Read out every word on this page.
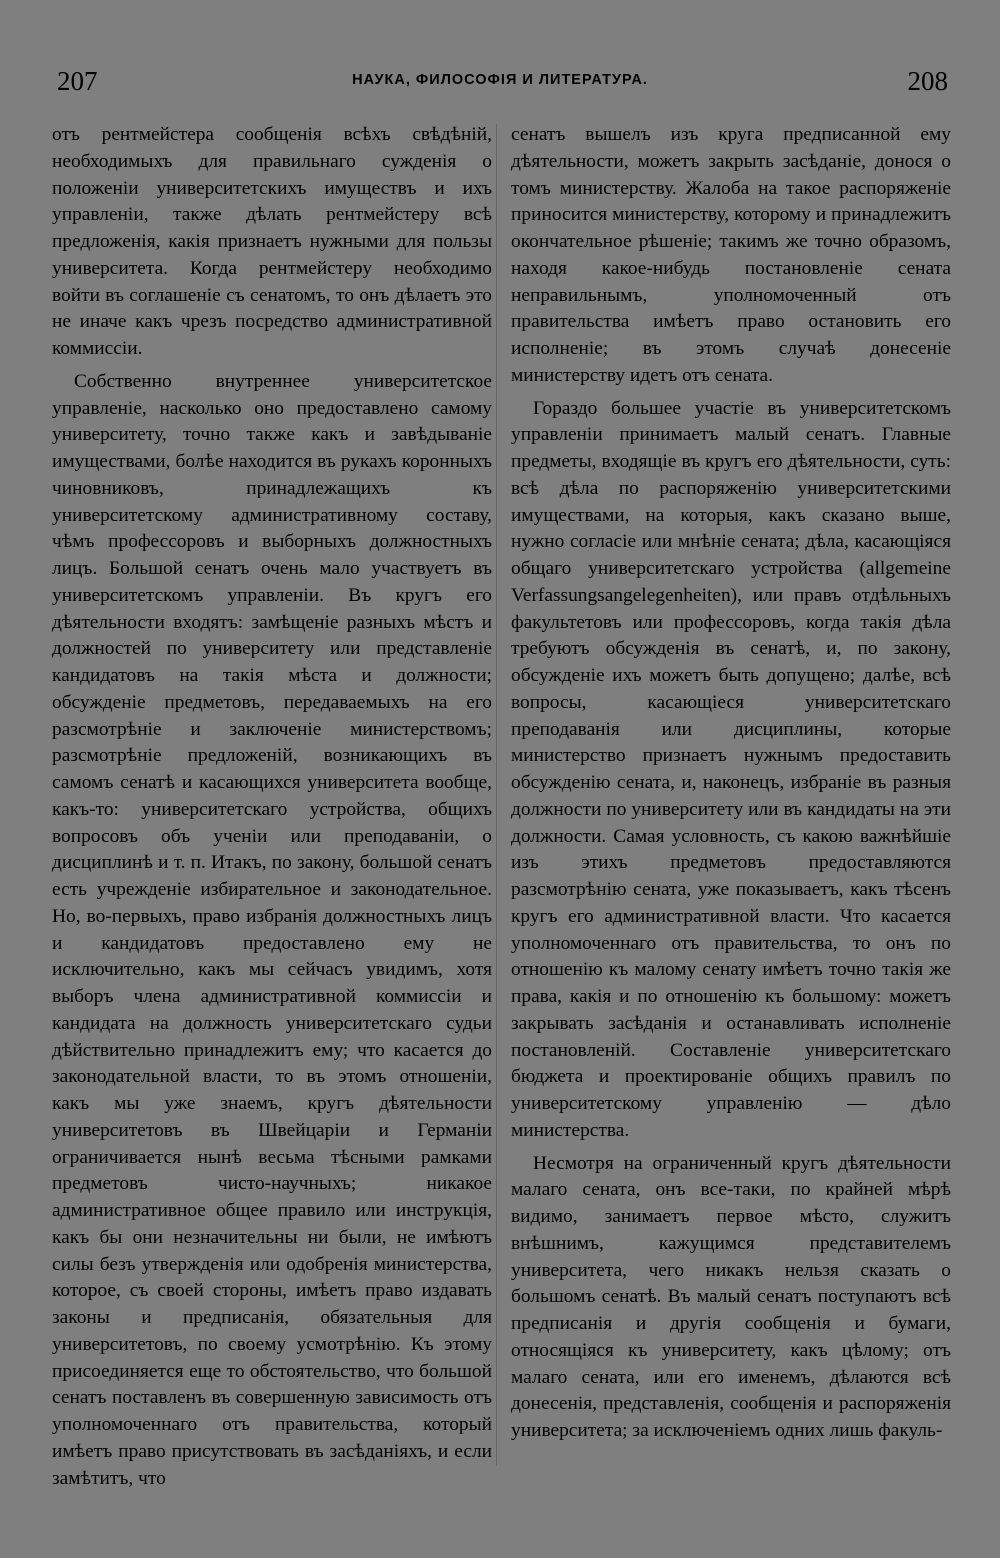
207	НАУКА, ФИЛОСОФІЯ И ЛИТЕРАТУРА.	208

отъ рентмейстера сообщенія всѣхъ свѣдѣній, необходимыхъ для правильнаго сужденія о положеніи университетскихъ имуществъ и ихъ управленіи, также дѣлать рентмейстеру всѣ предложенія, какія признаетъ нужными для пользы университета. Когда рентмейстеру необходимо войти въ соглашеніе съ сенатомъ, то онъ дѣлаетъ это не иначе какъ чрезъ посредство административной коммиссіи.

Собственно внутреннее университетское управленіе, насколько оно предоставлено самому университету, точно также какъ и завѣдываніе имуществами, болѣе находится въ рукахъ коронныхъ чиновниковъ, принадлежащихъ къ университетскому административному составу, чѣмъ профессоровъ и выборныхъ должностныхъ лицъ. Большой сенатъ очень мало участвуетъ въ университетскомъ управленіи. Въ кругъ его дѣятельности входятъ: замѣщеніе разныхъ мѣстъ и должностей по университету или представленіе кандидатовъ на такія мѣста и должности; обсужденіе предметовъ, передаваемыхъ на его разсмотрѣніе и заключеніе министерствомъ; разсмотрѣніе предложеній, возникающихъ въ самомъ сенатѣ и касающихся университета вообще, какъ-то: университетскаго устройства, общихъ вопросовъ объ ученіи или преподаваніи, о дисциплинѣ и т. п. Итакъ, по закону, большой сенатъ есть учрежденіе избирательное и законодательное. Но, во-первыхъ, право избранія должностныхъ лицъ и кандидатовъ предоставлено ему не исключительно, какъ мы сейчасъ увидимъ, хотя выборъ члена административной коммиссіи и кандидата на должность университетскаго судьи дѣйствительно принадлежитъ ему; что касается до законодательной власти, то въ этомъ отношеніи, какъ мы уже знаемъ, кругъ дѣятельности университетовъ въ Швейцаріи и Германіи ограничивается нынѣ весьма тѣсными рамками предметовъ чисто-научныхъ; никакое административное общее правило или инструкція, какъ бы они незначительны ни были, не имѣютъ силы безъ утвержденія или одобренія министерства, которое, съ своей стороны, имѣетъ право издавать законы и предписанія, обязательныя для университетовъ, по своему усмотрѣнію. Къ этому присоединяется еще то обстоятельство, что большой сенатъ поставленъ въ совершенную зависимость отъ уполномоченнаго отъ правительства, который имѣетъ право присутствовать въ засѣданіяхъ, и если замѣтитъ, что

сенатъ вышелъ изъ круга предписанной ему дѣятельности, можетъ закрыть засѣданіе, донося о томъ министерству. Жалоба на такое распоряженіе приносится министерству, которому и принадлежитъ окончательное рѣшеніе; такимъ же точно образомъ, находя какое-нибудь постановленіе сената неправильнымъ, уполномоченный отъ правительства имѣетъ право остановить его исполненіе; въ этомъ случаѣ донесеніе министерству идетъ отъ сената.

Гораздо большее участіе въ университетскомъ управленіи принимаетъ малый сенатъ. Главные предметы, входящіе въ кругъ его дѣятельности, суть: всѣ дѣла по распоряженію университетскими имуществами, на которыя, какъ сказано выше, нужно согласіе или мнѣніе сената; дѣла, касающіяся общаго университетскаго устройства (allgemeine Verfassungsangelegenheiten), или правъ отдѣльныхъ факультетовъ или профессоровъ, когда такія дѣла требуютъ обсужденія въ сенатѣ, и, по закону, обсужденіе ихъ можетъ быть допущено; далѣе, всѣ вопросы, касающіеся университетскаго преподаванія или дисциплины, которые министерство признаетъ нужнымъ предоставить обсужденію сената, и, наконецъ, избраніе въ разныя должности по университету или въ кандидаты на эти должности. Самая условность, съ какою важнѣйшіе изъ этихъ предметовъ предоставляются разсмотрѣнію сената, уже показываетъ, какъ тѣсенъ кругъ его административной власти. Что касается уполномоченнаго отъ правительства, то онъ по отношенію къ малому сенату имѣетъ точно такія же права, какія и по отношенію къ большому: можетъ закрывать засѣданія и останавливать исполненіе постановленій. Составленіе университетскаго бюджета и проектированіе общихъ правилъ по университетскому управленію — дѣло министерства.

Несмотря на ограниченный кругъ дѣятельности малаго сената, онъ все-таки, по крайней мѣрѣ видимо, занимаетъ первое мѣсто, служитъ внѣшнимъ, кажущимся представителемъ университета, чего никакъ нельзя сказать о большомъ сенатѣ. Въ малый сенатъ поступаютъ всѣ предписанія и другія сообщенія и бумаги, относящіяся къ университету, какъ цѣлому; отъ малаго сената, или его именемъ, дѣлаются всѣ донесенія, представленія, сообщенія и распоряженія университета; за исключеніемъ одних лишь факуль-
